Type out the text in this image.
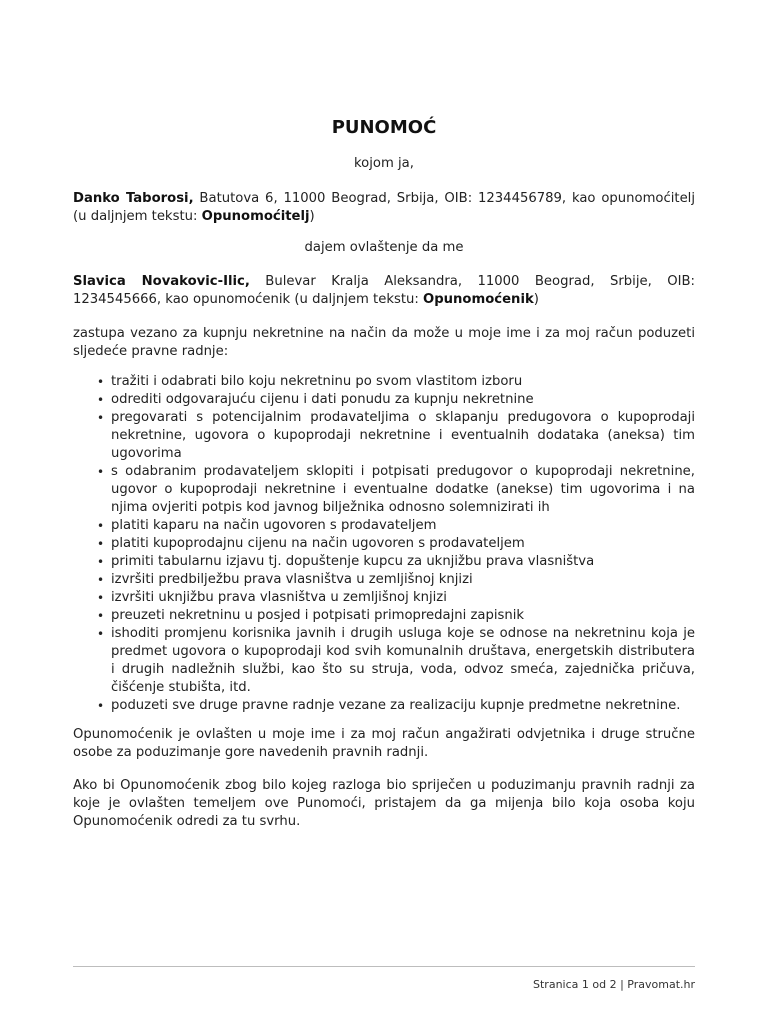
PUNOMOĆ
kojom ja,
Danko Taborosi, Batutova 6, 11000 Beograd, Srbija, OIB: 1234456789, kao opunomoćitelj (u daljnjem tekstu: Opunomoćitelj)
dajem ovlaštenje da me
Slavica Novakovic-Ilic, Bulevar Kralja Aleksandra, 11000 Beograd, Srbije, OIB: 1234545666, kao opunomoćenik (u daljnjem tekstu: Opunomoćenik)
zastupa vezano za kupnju nekretnine na način da može u moje ime i za moj račun poduzeti sljedeće pravne radnje:
• tražiti i odabrati bilo koju nekretninu po svom vlastitom izboru
• odrediti odgovarajuću cijenu i dati ponudu za kupnju nekretnine
• pregovarati s potencijalnim prodavateljima o sklapanju predugovora o kupoprodaji nekretnine, ugovora o kupoprodaji nekretnine i eventualnih dodataka (aneksa) tim ugovorima
• s odabranim prodavateljem sklopiti i potpisati predugovor o kupoprodaji nekretnine, ugovor o kupoprodaji nekretnine i eventualne dodatke (anekse) tim ugovorima i na njima ovjeriti potpis kod javnog bilježnika odnosno solemnizirati ih
• platiti kaparu na način ugovoren s prodavateljem
• platiti kupoprodajnu cijenu na način ugovoren s prodavateljem
• primiti tabularnu izjavu tj. dopuštenje kupcu za uknjižbu prava vlasništva
• izvršiti predbilježbu prava vlasništva u zemljišnoj knjizi
• izvršiti uknjižbu prava vlasništva u zemljišnoj knjizi
• preuzeti nekretninu u posjed i potpisati primopredajni zapisnik
• ishoditi promjenu korisnika javnih i drugih usluga koje se odnose na nekretninu koja je predmet ugovora o kupoprodaji kod svih komunalnih društava, energetskih distributera i drugih nadležnih službi, kao što su struja, voda, odvoz smeća, zajednička pričuva, čišćenje stubišta, itd.
• poduzeti sve druge pravne radnje vezane za realizaciju kupnje predmetne nekretnine.
Opunomoćenik je ovlašten u moje ime i za moj račun angažirati odvjetnika i druge stručne osobe za poduzimanje gore navedenih pravnih radnji.
Ako bi Opunomoćenik zbog bilo kojeg razloga bio spriječen u poduzimanju pravnih radnji za koje je ovlašten temeljem ove Punomoći, pristajem da ga mijenja bilo koja osoba koju Opunomoćenik odredi za tu svrhu.
Stranica 1 od 2 | Pravomat.hr
